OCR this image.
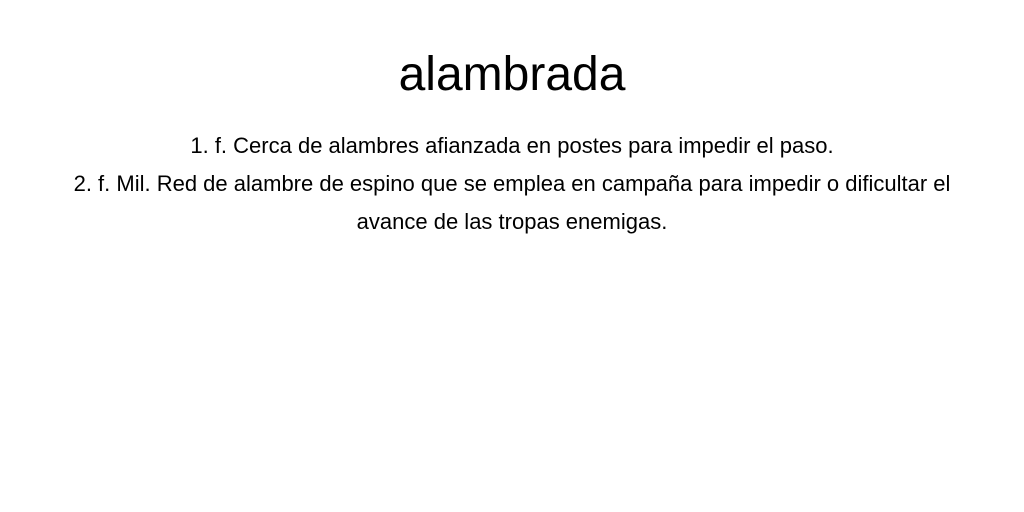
alambrada
1. f. Cerca de alambres afianzada en postes para impedir el paso.
2. f. Mil. Red de alambre de espino que se emplea en campaña para impedir o dificultar el avance de las tropas enemigas.
